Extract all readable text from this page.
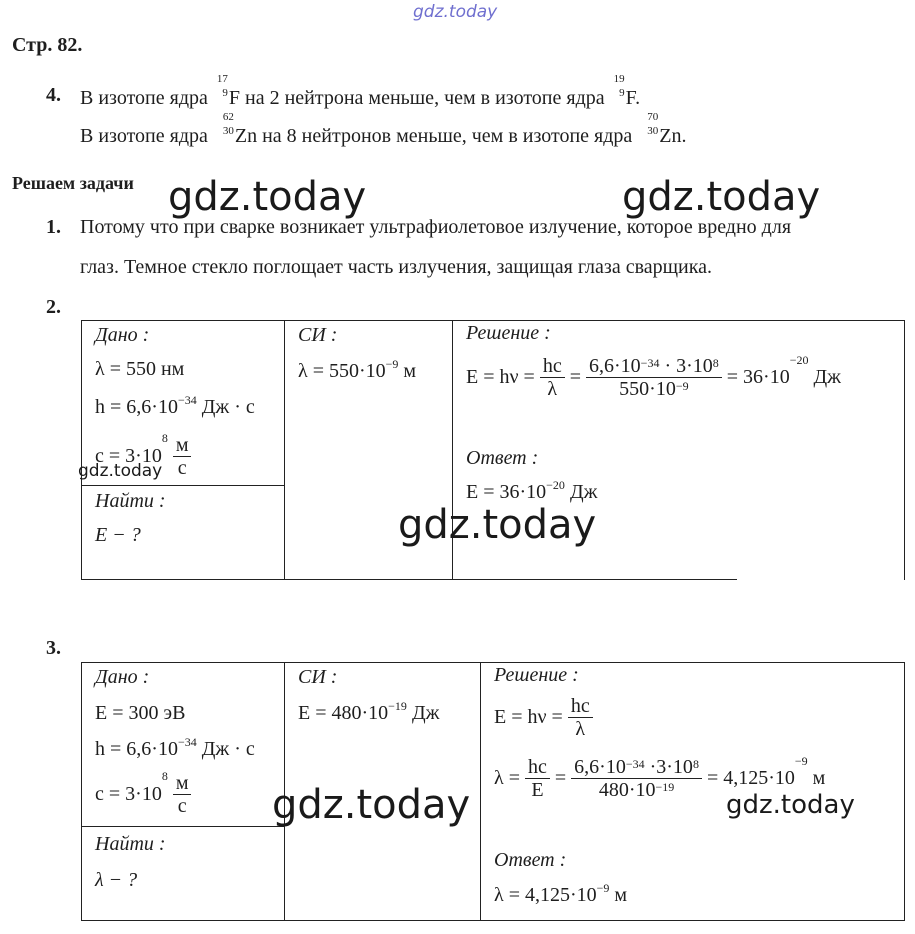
gdz.today
Стр. 82.
4. В изотопе ядра
17
9 F на 2 нейтрона меньше, чем в изотопе ядра
19
9 F.
В изотопе ядра
62
30 Zn на 8 нейтронов меньше, чем в изотопе ядра
70
30 Zn.
Решаем задачи gdz.today	gdz.today
1. Потому что при сварке возникает ультрафиолетовое излучение, которое вредно для
глаз. Темное стекло поглощает часть излучения, защищая глаза сварщика.
2.
Дано :
λ = 550 нм
$h = 6,6\cdot 10^{-34}$ Дж · с
$c = 3\cdot 10^8 \frac{м}{с}$
gdz.today
Найти :
E − ?
СИ :
$\lambda = 550\cdot 10^{-9}$ м
Решение :
$E = h\nu = \frac{hc}{\lambda} = \frac{6,6\cdot 10^{-34} \cdot 3\cdot 10^8}{550\cdot 10^{-9}} = 36\cdot 10^{-20}$ Дж
Ответ :
$E = 36\cdot 10^{-20}$ Дж
gdz.today
3.
Дано :
E = 300 эВ
$h = 6,6\cdot 10^{-34}$ Дж · с
$c = 3\cdot 10^8 \frac{м}{с}$
Найти :
λ − ?
СИ :
$E = 480\cdot 10^{-19}$ Дж
Решение :
$E = h\nu = \frac{hc}{\lambda}$
$\lambda = \frac{hc}{E} = \frac{6,6\cdot 10^{-34} \cdot 3\cdot 10^8}{480\cdot 10^{-19}} = 4,125\cdot 10^{-9}$ м
Ответ :
$\lambda = 4,125\cdot 10^{-9}$ м
gdz.today	gdz.today
